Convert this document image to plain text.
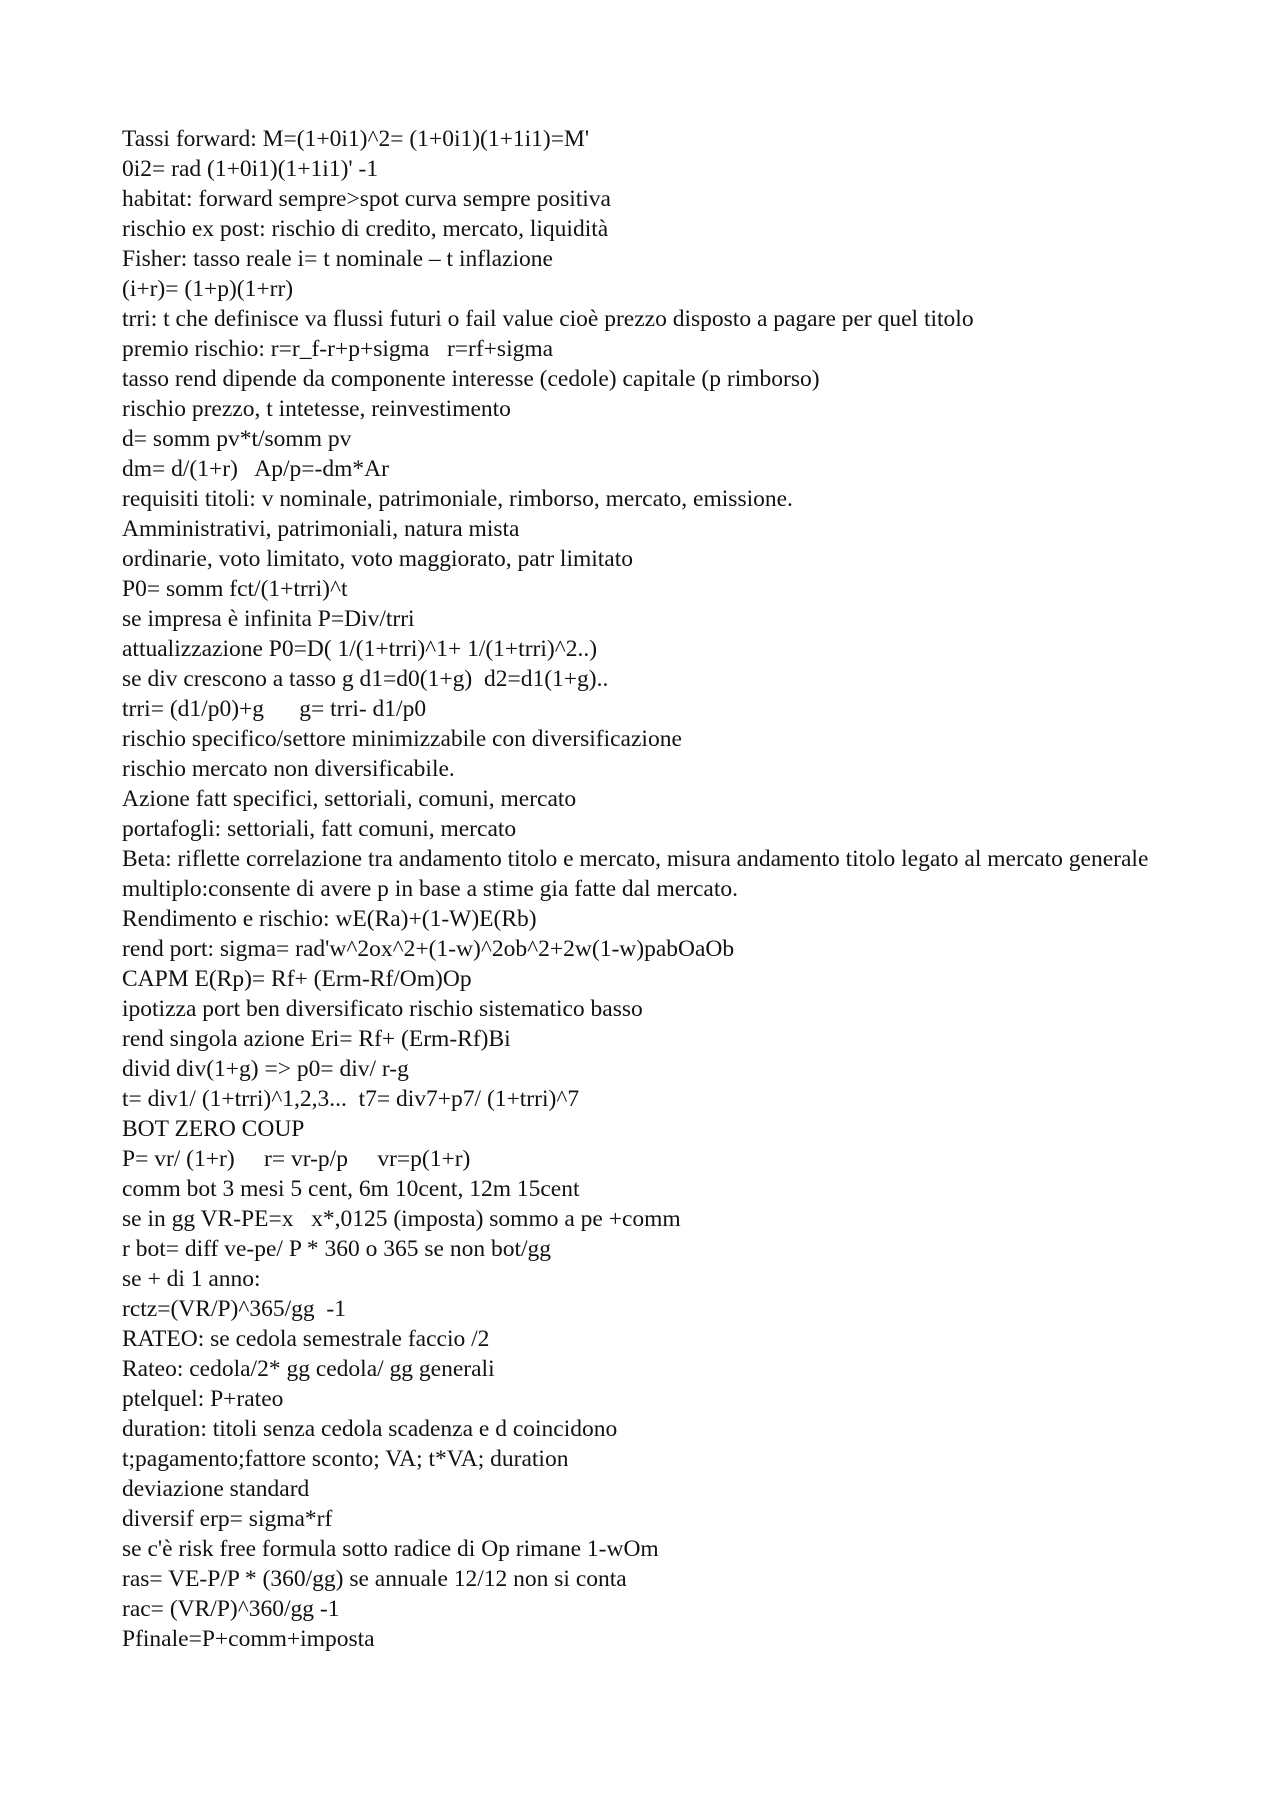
Tassi forward: M=(1+0i1)^2= (1+0i1)(1+1i1)=M'

0i2= rad (1+0i1)(1+1i1)' -1

habitat: forward sempre>spot curva sempre positiva

rischio ex post: rischio di credito, mercato, liquidità

Fisher: tasso reale i= t nominale – t inflazione

(i+r)= (1+p)(1+rr)

trri: t che definisce va flussi futuri o fail value cioè prezzo disposto a pagare per quel titolo

premio rischio: r=r_f-r+p+sigma   r=rf+sigma

tasso rend dipende da componente interesse (cedole) capitale (p rimborso)

rischio prezzo, t intetesse, reinvestimento

d= somm pv*t/somm pv

dm= d/(1+r)   Ap/p=-dm*Ar

requisiti titoli: v nominale, patrimoniale, rimborso, mercato, emissione.

Amministrativi, patrimoniali, natura mista

ordinarie, voto limitato, voto maggiorato, patr limitato

P0= somm fct/(1+trri)^t

se impresa è infinita P=Div/trri

attualizzazione P0=D( 1/(1+trri)^1+ 1/(1+trri)^2..)

se div crescono a tasso g d1=d0(1+g)  d2=d1(1+g)..

trri= (d1/p0)+g      g= trri- d1/p0

rischio specifico/settore minimizzabile con diversificazione

rischio mercato non diversificabile.

Azione fatt specifici, settoriali, comuni, mercato

portafogli: settoriali, fatt comuni, mercato

Beta: riflette correlazione tra andamento titolo e mercato, misura andamento titolo legato al mercato generale

multiplo:consente di avere p in base a stime gia fatte dal mercato.

Rendimento e rischio: wE(Ra)+(1-W)E(Rb)

rend port: sigma= rad'w^2ox^2+(1-w)^2ob^2+2w(1-w)pabOaOb

CAPM E(Rp)= Rf+ (Erm-Rf/Om)Op

ipotizza port ben diversificato rischio sistematico basso

rend singola azione Eri= Rf+ (Erm-Rf)Bi

divid div(1+g) => p0= div/ r-g

t= div1/ (1+trri)^1,2,3...  t7= div7+p7/ (1+trri)^7

BOT ZERO COUP

P= vr/ (1+r)     r= vr-p/p     vr=p(1+r)

comm bot 3 mesi 5 cent, 6m 10cent, 12m 15cent

se in gg VR-PE=x   x*,0125 (imposta) sommo a pe +comm

r bot= diff ve-pe/ P * 360 o 365 se non bot/gg

se + di 1 anno:

rctz=(VR/P)^365/gg  -1

RATEO: se cedola semestrale faccio /2

Rateo: cedola/2* gg cedola/ gg generali

ptelquel: P+rateo

duration: titoli senza cedola scadenza e d coincidono

t;pagamento;fattore sconto; VA; t*VA; duration

deviazione standard

diversif erp= sigma*rf

se c'è risk free formula sotto radice di Op rimane 1-wOm

ras= VE-P/P * (360/gg) se annuale 12/12 non si conta

rac= (VR/P)^360/gg -1

Pfinale=P+comm+imposta
